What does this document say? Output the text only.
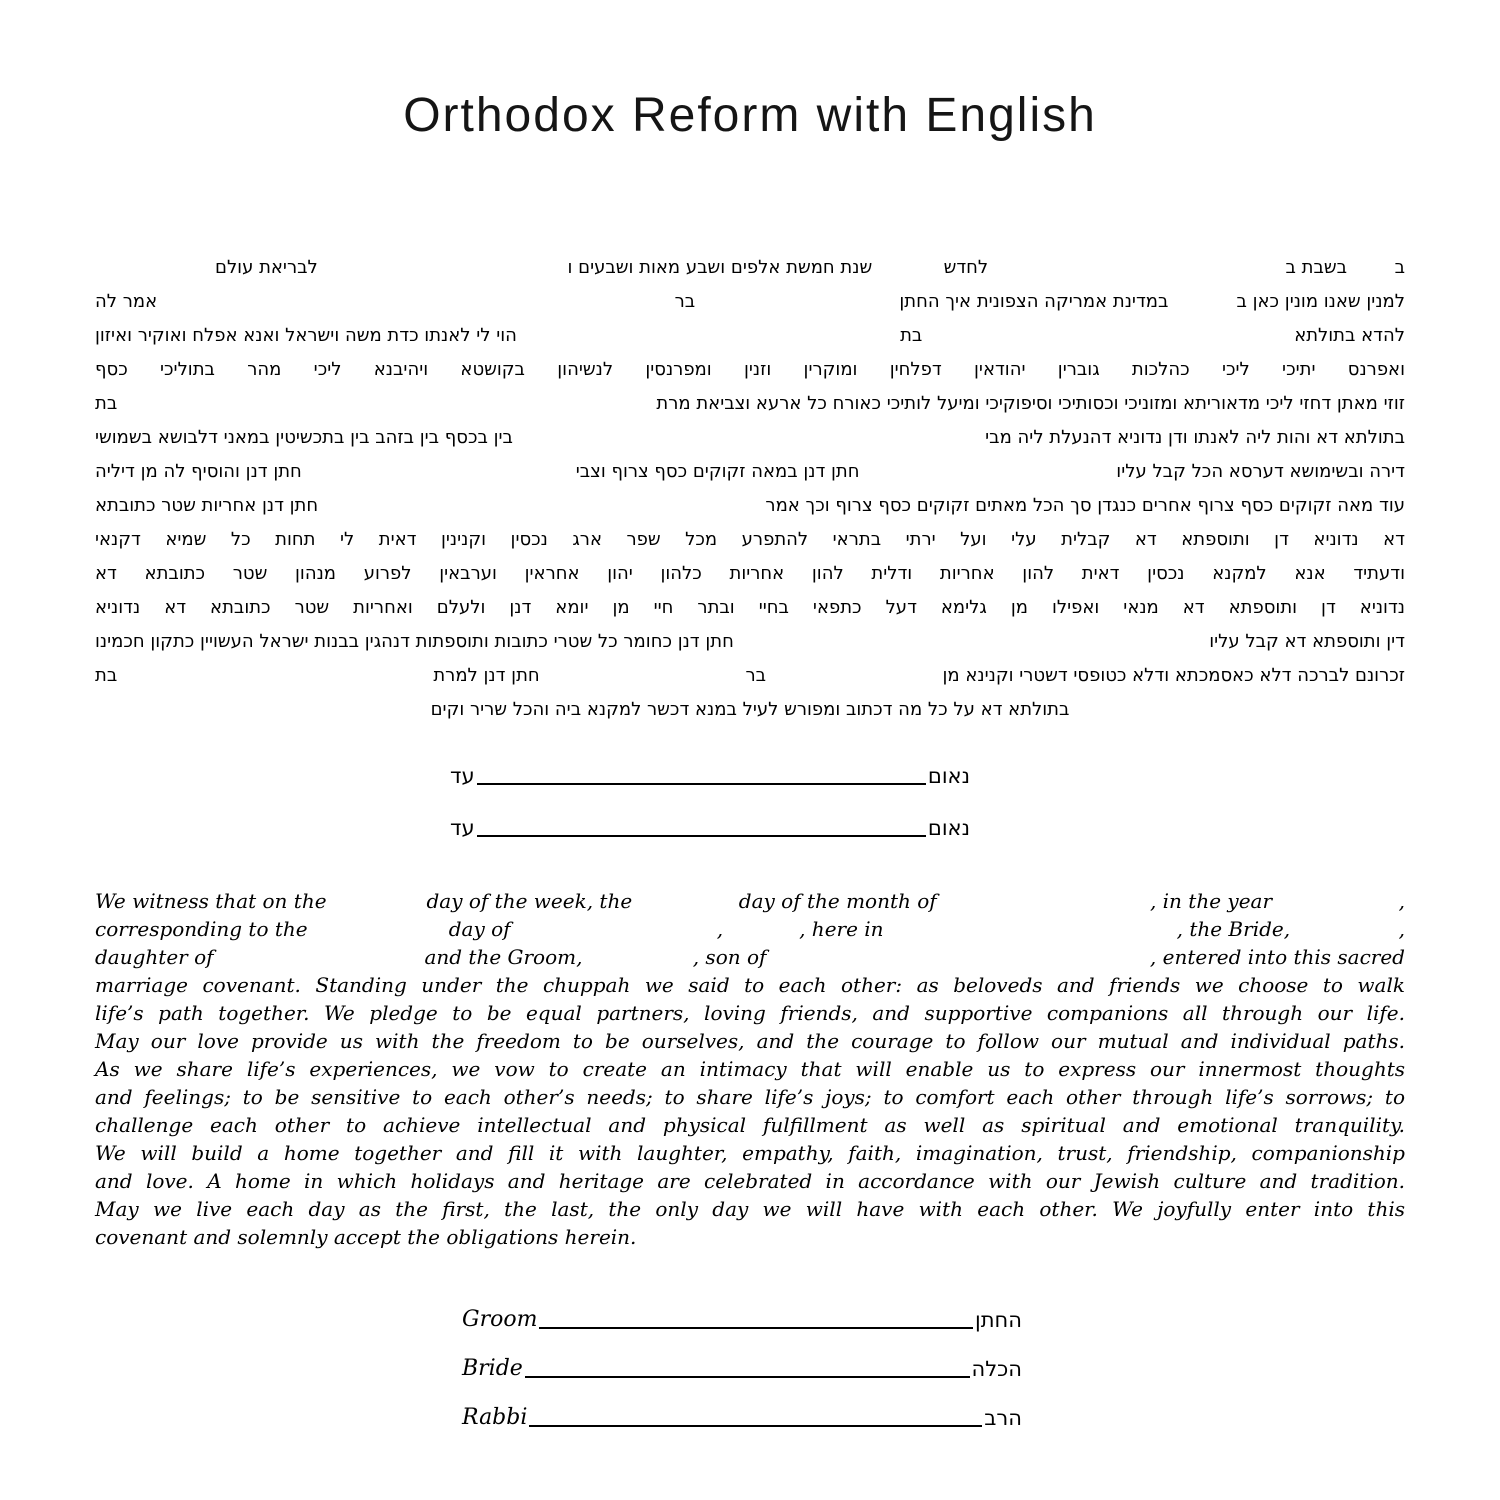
Orthodox Reform with English
ב
בשבת ב
לחדש
שנת חמשת אלפים ושבע מאות ושבעים ו
לבריאת עולם
למנין שאנו מונין כאן ב
במדינת אמריקה הצפונית איך החתן
בר
אמר לה
להדא בתולתא
בת
הוי לי לאנתו כדת משה וישראל ואנא אפלח ואוקיר ואיזון
ואפרנס יתיכי ליכי כהלכות גוברין יהודאין דפלחין ומוקרין וזנין ומפרנסין לנשיהון בקושטא ויהיבנא ליכי מהר בתוליכי כסף
זוזי מאתן דחזי ליכי מדאוריתא ומזוניכי וכסותיכי וסיפוקיכי ומיעל לותיכי כאורח כל ארעא וצביאת מרת
בת
בתולתא דא והות ליה לאנתו ודן נדוניא דהנעלת ליה מבי
בין בכסף בין בזהב בין בתכשיטין במאני דלבושא בשמושי
דירה ובשימושא דערסא הכל קבל עליו
חתן דנן במאה זקוקים כסף צרוף וצבי
חתן דנן והוסיף לה מן דיליה
עוד מאה זקוקים כסף צרוף אחרים כנגדן סך הכל מאתים זקוקים כסף צרוף וכך אמר
חתן דנן אחריות שטר כתובתא
דא נדוניא דן ותוספתא דא קבלית עלי ועל ירתי בתראי להתפרע מכל שפר ארג נכסין וקנינין דאית לי תחות כל שמיא דקנאי
ודעתיד אנא למקנא נכסין דאית להון אחריות ודלית להון אחריות כלהון יהון אחראין וערבאין לפרוע מנהון שטר כתובתא דא
נדוניא דן ותוספתא דא מנאי ואפילו מן גלימא דעל כתפאי בחיי ובתר חיי מן יומא דנן ולעלם ואחריות שטר כתובתא דא נדוניא
דין ותוספתא דא קבל עליו
חתן דנן כחומר כל שטרי כתובות ותוספתות דנהגין בבנות ישראל העשויין כתקון חכמינו
זכרונם לברכה דלא כאסמכתא ודלא כטופסי דשטרי וקנינא מן
בר
חתן דנן למרת
בת
בתולתא דא על כל מה דכתוב ומפורש לעיל במנא דכשר למקנא ביה והכל שריר וקים
נאום
עד
נאום
עד
We witness that on the	day of the week, the	day of the month of	, in the year	,
corresponding to the	day of	,	, here in	, the Bride,	,
daughter of	and the Groom,	, son of	, entered into this sacred
marriage covenant. Standing under the chuppah we said to each other: as beloveds and friends we choose to walk
life’s path together. We pledge to be equal partners, loving friends, and supportive companions all through our life.
May our love provide us with the freedom to be ourselves, and the courage to follow our mutual and individual paths.
As we share life’s experiences, we vow to create an intimacy that will enable us to express our innermost thoughts
and feelings; to be sensitive to each other’s needs; to share life’s joys; to comfort each other through life’s sorrows; to
challenge each other to achieve intellectual and physical fulfillment as well as spiritual and emotional tranquility.
We will build a home together and fill it with laughter, empathy, faith, imagination, trust, friendship, companionship
and love. A home in which holidays and heritage are celebrated in accordance with our Jewish culture and tradition.
May we live each day as the first, the last, the only day we will have with each other. We joyfully enter into this
covenant and solemnly accept the obligations herein.
Groom	החתן
Bride	הכלה
Rabbi	הרב
